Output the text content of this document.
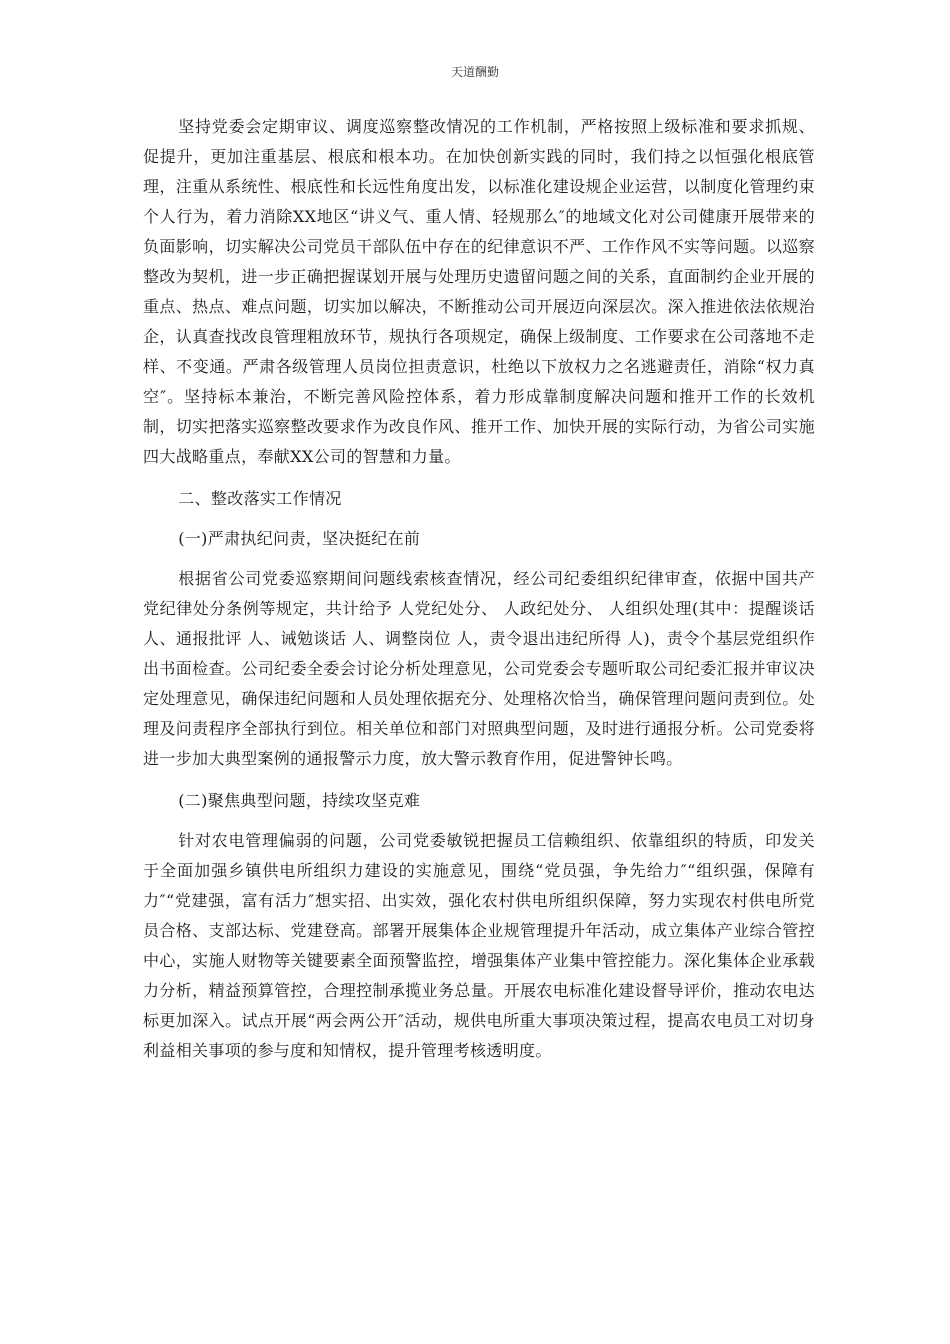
天道酬勤

坚持党委会定期审议、调度巡察整改情况的工作机制，严格按照上级标准和要求抓规、促提升，更加注重基层、根底和根本功。在加快创新实践的同时，我们持之以恒强化根底管理，注重从系统性、根底性和长远性角度出发，以标准化建设规企业运营，以制度化管理约束个人行为，着力消除XX地区“讲义气、重人情、轻规那么″的地域文化对公司健康开展带来的负面影响，切实解决公司党员干部队伍中存在的纪律意识不严、工作作风不实等问题。以巡察整改为契机，进一步正确把握谋划开展与处理历史遗留问题之间的关系，直面制约企业开展的重点、热点、难点问题，切实加以解决，不断推动公司开展迈向深层次。深入推进依法依规治企，认真查找改良管理粗放环节，规执行各项规定，确保上级制度、工作要求在公司落地不走样、不变通。严肃各级管理人员岗位担责意识，杜绝以下放权力之名逃避责任，消除“权力真空″。坚持标本兼治，不断完善风险控体系，着力形成靠制度解决问题和推开工作的长效机制，切实把落实巡察整改要求作为改良作风、推开工作、加快开展的实际行动，为省公司实施四大战略重点，奉献XX公司的智慧和力量。

二、整改落实工作情况

(一)严肃执纪问责，坚决挺纪在前

根据省公司党委巡察期间问题线索核查情况，经公司纪委组织纪律审查，依据中国共产党纪律处分条例等规定，共计给予 人党纪处分、 人政纪处分、 人组织处理(其中：提醒谈话 人、通报批评 人、诫勉谈话 人、调整岗位 人，责令退出违纪所得 人)，责令个基层党组织作出书面检查。公司纪委全委会讨论分析处理意见，公司党委会专题听取公司纪委汇报并审议决定处理意见，确保违纪问题和人员处理依据充分、处理格次恰当，确保管理问题问责到位。处理及问责程序全部执行到位。相关单位和部门对照典型问题，及时进行通报分析。公司党委将进一步加大典型案例的通报警示力度，放大警示教育作用，促进警钟长鸣。

(二)聚焦典型问题，持续攻坚克难

针对农电管理偏弱的问题，公司党委敏锐把握员工信赖组织、依靠组织的特质，印发关于全面加强乡镇供电所组织力建设的实施意见，围绕“党员强，争先给力″“组织强，保障有力″“党建强，富有活力″想实招、出实效，强化农村供电所组织保障，努力实现农村供电所党员合格、支部达标、党建登高。部署开展集体企业规管理提升年活动，成立集体产业综合管控中心，实施人财物等关键要素全面预警监控，增强集体产业集中管控能力。深化集体企业承载力分析，精益预算管控，合理控制承揽业务总量。开展农电标准化建设督导评价，推动农电达标更加深入。试点开展“两会两公开″活动，规供电所重大事项决策过程，提高农电员工对切身利益相关事项的参与度和知情权，提升管理考核透明度。
